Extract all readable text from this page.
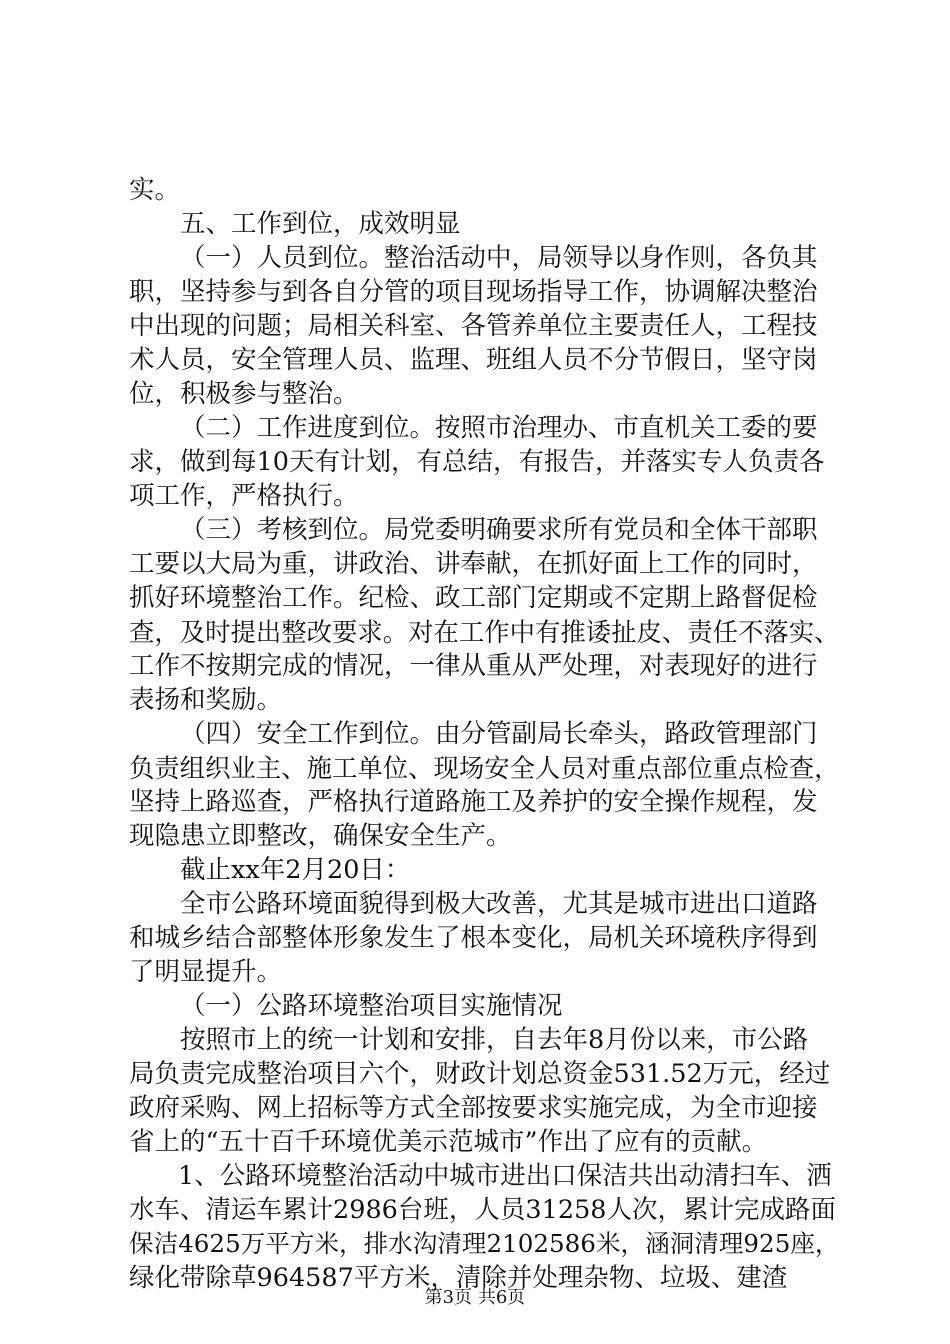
实。
五、工作到位，成效明显
（一）人员到位。整治活动中，局领导以身作则，各负其
职，坚持参与到各自分管的项目现场指导工作，协调解决整治
中出现的问题；局相关科室、各管养单位主要责任人，工程技
术人员，安全管理人员、监理、班组人员不分节假日，坚守岗
位，积极参与整治。
（二）工作进度到位。按照市治理办、市直机关工委的要
求，做到每10天有计划，有总结，有报告，并落实专人负责各
项工作，严格执行。
（三）考核到位。局党委明确要求所有党员和全体干部职
工要以大局为重，讲政治、讲奉献，在抓好面上工作的同时，
抓好环境整治工作。纪检、政工部门定期或不定期上路督促检
查，及时提出整改要求。对在工作中有推诿扯皮、责任不落实、
工作不按期完成的情况，一律从重从严处理，对表现好的进行
表扬和奖励。
（四）安全工作到位。由分管副局长牵头，路政管理部门
负责组织业主、施工单位、现场安全人员对重点部位重点检查，
坚持上路巡查，严格执行道路施工及养护的安全操作规程，发
现隐患立即整改，确保安全生产。
截止xx年2月20日：
全市公路环境面貌得到极大改善，尤其是城市进出口道路
和城乡结合部整体形象发生了根本变化，局机关环境秩序得到
了明显提升。
（一）公路环境整治项目实施情况
按照市上的统一计划和安排，自去年8月份以来，市公路
局负责完成整治项目六个，财政计划总资金531.52万元，经过
政府采购、网上招标等方式全部按要求实施完成，为全市迎接
省上的“五十百千环境优美示范城市”作出了应有的贡献。
1、公路环境整治活动中城市进出口保洁共出动清扫车、洒
水车、清运车累计2986台班，人员31258人次，累计完成路面
保洁4625万平方米，排水沟清理2102586米，涵洞清理925座，
绿化带除草964587平方米，清除并处理杂物、垃圾、建渣
第3页 共6页
